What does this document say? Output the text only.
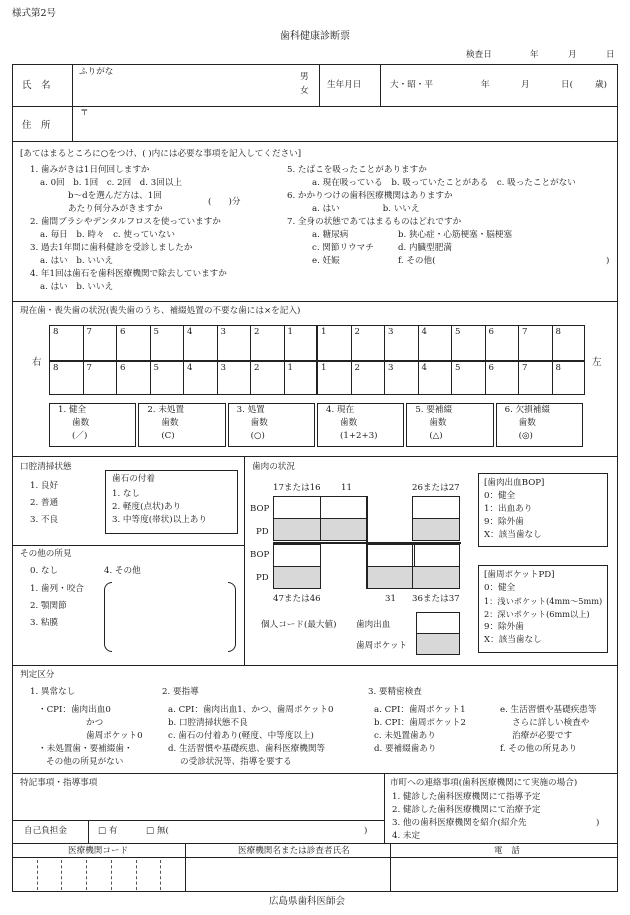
様式第2号
歯科健康診断票
検査日	年	月	日
氏　名
ふりがな	男
女
生年月日	大・昭・平	年	月	日(	歳)
住　所
〒
[あてはまるところに○をつけ、( )内には必要な事項を記入してください]
1. 歯みがきは1日何回しますか
a. 0回　b. 1回　c. 2回　d. 3回以上
b～dを選んだ方は、1回
あたり何分みがきますか
(　　)分
2. 歯間ブラシやデンタルフロスを使っていますか
a. 毎日　b. 時々　c. 使っていない
3. 過去1年間に歯科健診を受診しましたか
a. はい　b. いいえ
4. 年1回は歯石を歯科医療機関で除去していますか
a. はい　b. いいえ
5. たばこを吸ったことがありますか
a. 現在吸っている　b. 吸っていたことがある　c. 吸ったことがない
6. かかりつけの歯科医療機関はありますか
a. はい　　　　　b. いいえ
7. 全身の状態であてはまるものはどれですか
a. 糖尿病	b. 狭心症・心筋梗塞・脳梗塞
c. 関節リウマチ	d. 内臓型肥満
e. 妊娠	f. その他(	)
現在歯・喪失歯の状況(喪失歯のうち、補綴処置の不要な歯には×を記入)
右	左
8	7	6	5	4	3	2	1	1	2	3	4	5	6	7	8
8	7	6	5	4	3	2	1	1	2	3	4	5	6	7	8
1. 健全
歯数
(／)
2. 未処置
歯数
(C)
3. 処置
歯数
(○)
4. 現在
歯数
(1+2+3)
5. 要補綴
歯数
(△)
6. 欠損補綴
歯数
(◎)
口腔清掃状態
1. 良好
2. 普通
3. 不良
歯石の付着
1. なし
2. 軽度(点状)あり
3. 中等度(帯状)以上あり
その他の所見
0. なし	4. その他
1. 歯列・咬合
2. 顎関節
3. 粘膜
歯肉の状況
17または16 11	26または27
BOP
PD
BOP
PD
47または46	31 36または37
個人コード(最大値) 歯肉出血
歯周ポケット
[歯肉出血BOP]
0：健全
1：出血あり
9：除外歯
X：該当歯なし
[歯周ポケットPD]
0：健全
1：浅いポケット(4mm～5mm)
2：深いポケット(6mm以上)
9：除外歯
X：該当歯なし
判定区分
1. 異常なし
・CPI：歯肉出血0
かつ
歯周ポケット0
・未処置歯・要補綴歯・
その他の所見がない
2. 要指導
a. CPI：歯肉出血1、かつ、歯周ポケット0
b. 口腔清掃状態不良
c. 歯石の付着あり(軽度、中等度以上)
d. 生活習慣や基礎疾患、歯科医療機関等
の受診状況等、指導を要する
3. 要精密検査
a. CPI：歯周ポケット1
b. CPI：歯周ポケット2
c. 未処置歯あり
d. 要補綴歯あり
e. 生活習慣や基礎疾患等
さらに詳しい検査や
治療が必要です
f. その他の所見あり
特記事項・指導事項
自己負担金	□ 有	□ 無(	)
市町への連絡事項(歯科医療機関にて実施の場合)
1. 健診した歯科医療機関にて指導予定
2. 健診した歯科医療機関にて治療予定
3. 他の歯科医療機関を紹介(紹介先	)
4. 未定
医療機関コード	医療機関名または診査者氏名	電　話
広島県歯科医師会
